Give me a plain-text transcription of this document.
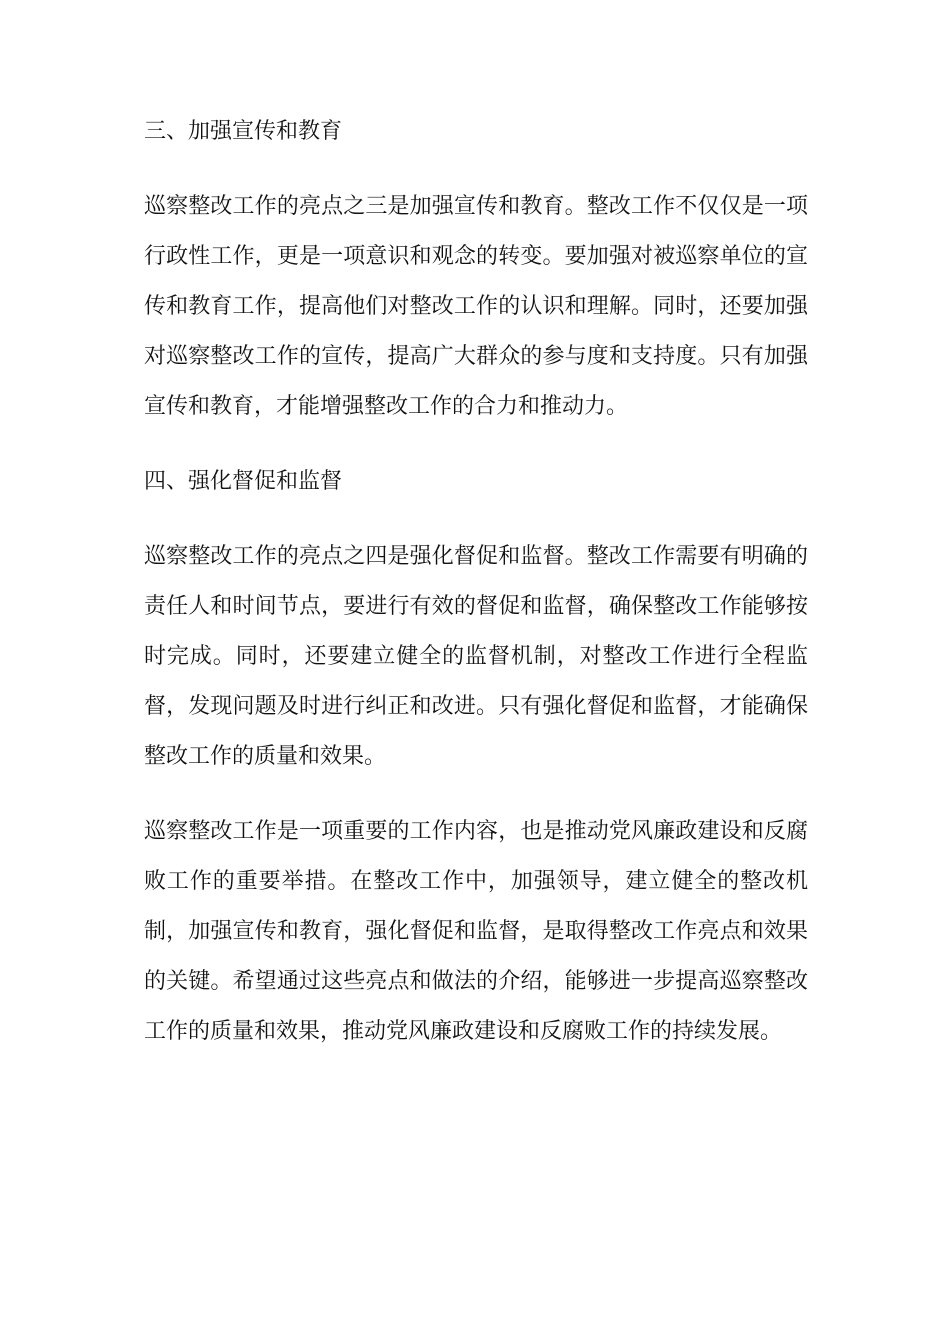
三、加强宣传和教育
巡察整改工作的亮点之三是加强宣传和教育。整改工作不仅仅是一项行政性工作，更是一项意识和观念的转变。要加强对被巡察单位的宣传和教育工作，提高他们对整改工作的认识和理解。同时，还要加强对巡察整改工作的宣传，提高广大群众的参与度和支持度。只有加强宣传和教育，才能增强整改工作的合力和推动力。
四、强化督促和监督
巡察整改工作的亮点之四是强化督促和监督。整改工作需要有明确的责任人和时间节点，要进行有效的督促和监督，确保整改工作能够按时完成。同时，还要建立健全的监督机制，对整改工作进行全程监督，发现问题及时进行纠正和改进。只有强化督促和监督，才能确保整改工作的质量和效果。
巡察整改工作是一项重要的工作内容，也是推动党风廉政建设和反腐败工作的重要举措。在整改工作中，加强领导，建立健全的整改机制，加强宣传和教育，强化督促和监督，是取得整改工作亮点和效果的关键。希望通过这些亮点和做法的介绍，能够进一步提高巡察整改工作的质量和效果，推动党风廉政建设和反腐败工作的持续发展。
